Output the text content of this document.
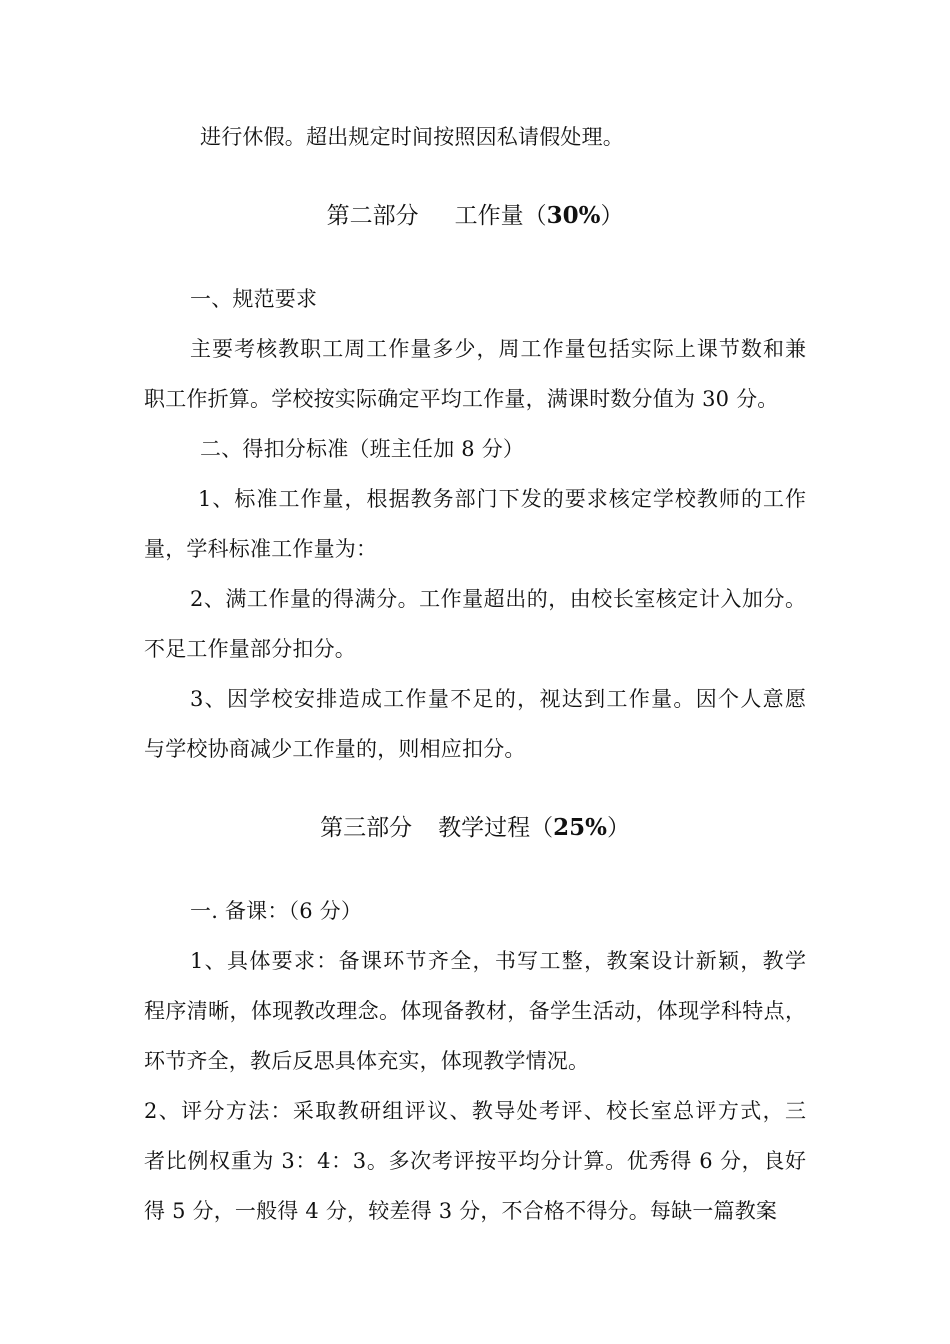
进行休假。超出规定时间按照因私请假处理。
第二部分 工作量（30%）
一、规范要求
主要考核教职工周工作量多少，周工作量包括实际上课节数和兼
职工作折算。学校按实际确定平均工作量，满课时数分值为 30 分。
二、得扣分标准（班主任加 8 分）
1、标准工作量，根据教务部门下发的要求核定学校教师的工作
量，学科标准工作量为：
2、满工作量的得满分。工作量超出的，由校长室核定计入加分。
不足工作量部分扣分。
3、因学校安排造成工作量不足的，视达到工作量。因个人意愿
与学校协商减少工作量的，则相应扣分。
第三部分 教学过程（25%）
一. 备课：（6 分）
1、具体要求：备课环节齐全，书写工整，教案设计新颖，教学
程序清晰，体现教改理念。体现备教材，备学生活动，体现学科特点，
环节齐全，教后反思具体充实，体现教学情况。
2、评分方法：采取教研组评议、教导处考评、校长室总评方式，三
者比例权重为 3：4：3。多次考评按平均分计算。优秀得 6 分，良好
得 5 分，一般得 4 分，较差得 3 分，不合格不得分。每缺一篇教案
